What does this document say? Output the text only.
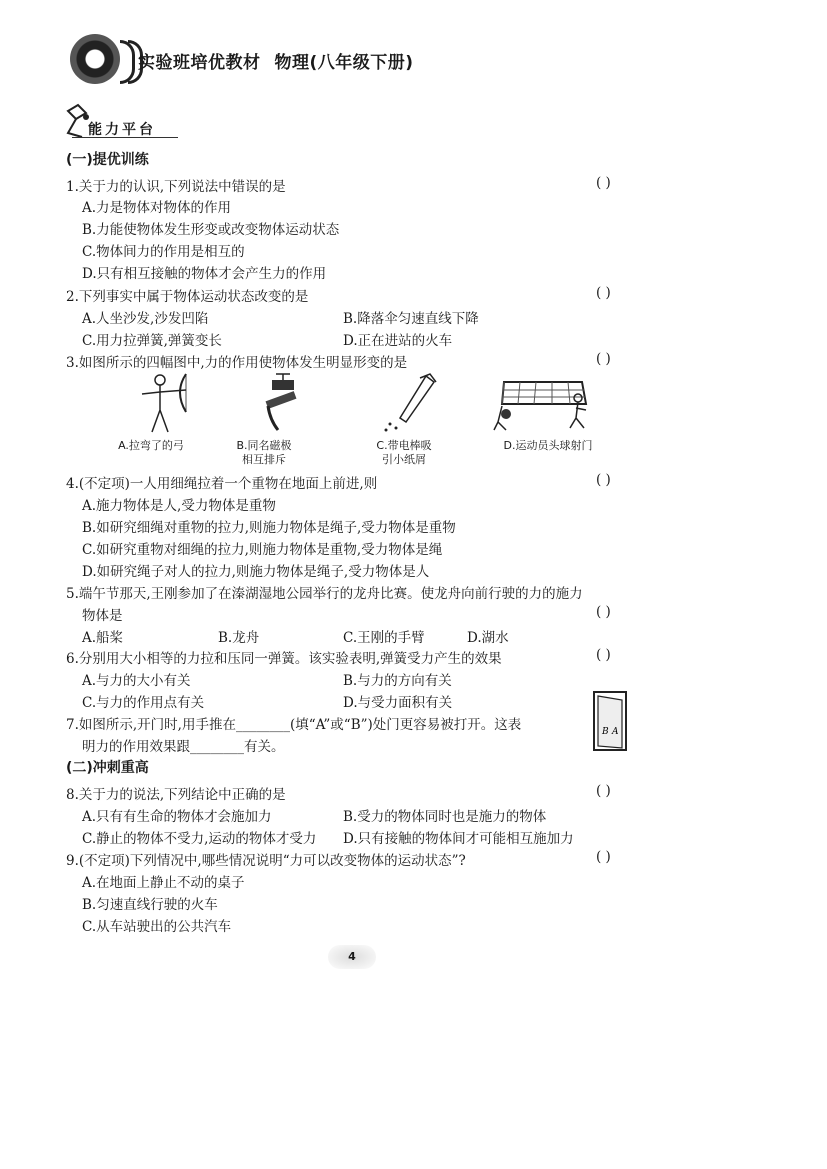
实验班培优教材 物理(八年级下册)
能力平台
(一)提优训练
1.关于力的认识,下列说法中错误的是	( )
A.力是物体对物体的作用
B.力能使物体发生形变或改变物体运动状态
C.物体间力的作用是相互的
D.只有相互接触的物体才会产生力的作用
2.下列事实中属于物体运动状态改变的是	( )
A.人坐沙发,沙发凹陷	B.降落伞匀速直线下降
C.用力拉弹簧,弹簧变长	D.正在进站的火车
3.如图所示的四幅图中,力的作用使物体发生明显形变的是	( )
A.拉弯了的弓	B.同名磁极
相互排斥
C.带电棒吸
引小纸屑
D.运动员头球射门
4.(不定项)一人用细绳拉着一个重物在地面上前进,则	( )
A.施力物体是人,受力物体是重物
B.如研究细绳对重物的拉力,则施力物体是绳子,受力物体是重物
C.如研究重物对细绳的拉力,则施力物体是重物,受力物体是绳
D.如研究绳子对人的拉力,则施力物体是绳子,受力物体是人
5.端午节那天,王刚参加了在溱湖湿地公园举行的龙舟比赛。使龙舟向前行驶的力的施力
物体是	( )
A.船桨	B.龙舟	C.王刚的手臂	D.湖水
6.分别用大小相等的力拉和压同一弹簧。该实验表明,弹簧受力产生的效果	( )
A.与力的大小有关	B.与力的方向有关
C.与力的作用点有关	D.与受力面积有关
7.如图所示,开门时,用手推在________(填“A”或“B”)处门更容易被打开。这表
明力的作用效果跟________有关。
B A
(二)冲刺重高
8.关于力的说法,下列结论中正确的是	( )
A.只有有生命的物体才会施加力	B.受力的物体同时也是施力的物体
C.静止的物体不受力,运动的物体才受力 D.只有接触的物体间才可能相互施加力
9.(不定项)下列情况中,哪些情况说明“力可以改变物体的运动状态”?	( )
A.在地面上静止不动的桌子
B.匀速直线行驶的火车
C.从车站驶出的公共汽车
4
